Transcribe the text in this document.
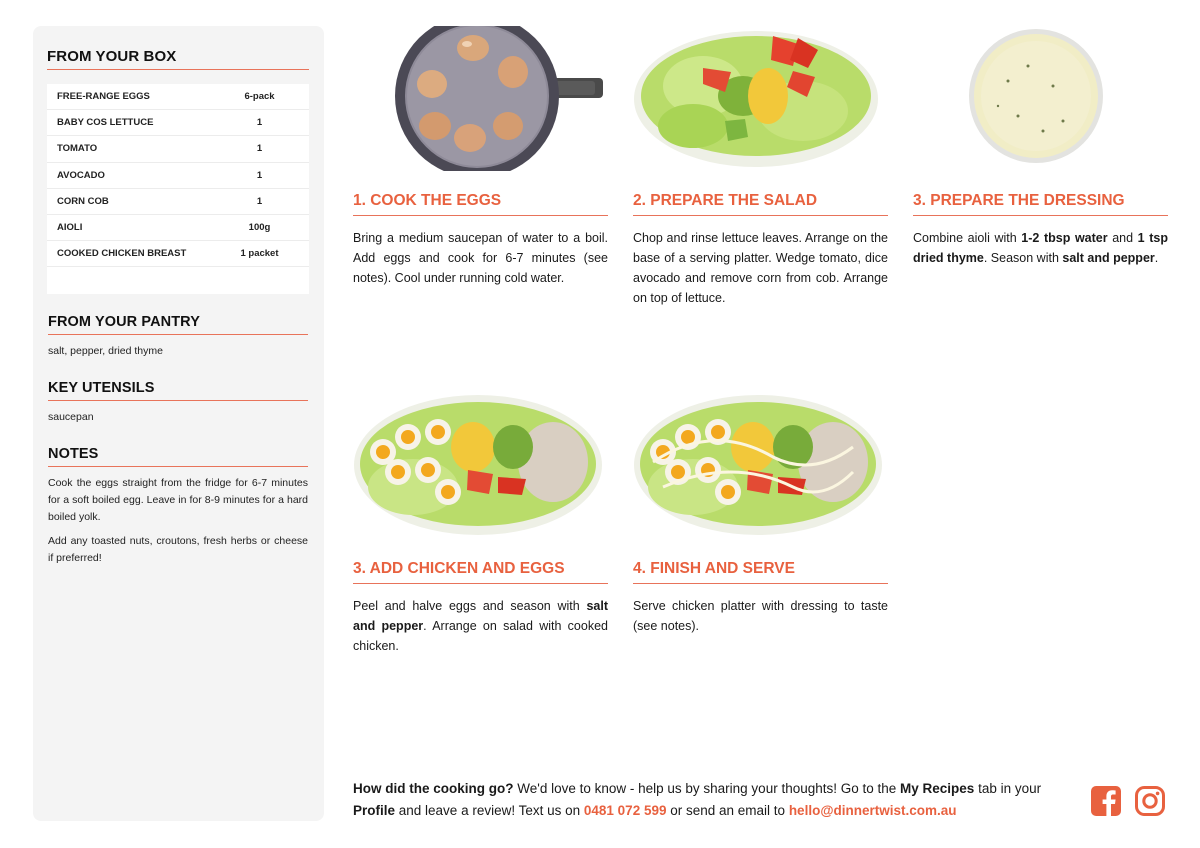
FROM YOUR BOX
FREE-RANGE EGGS	6-pack
BABY COS LETTUCE	1
TOMATO	1
AVOCADO	1
CORN COB	1
AIOLI	100g
COOKED CHICKEN BREAST	1 packet
FROM YOUR PANTRY

salt, pepper, dried thyme

KEY UTENSILS

saucepan

NOTES

Cook the eggs straight from the fridge for 6-7 minutes for a soft boiled egg. Leave in for 8-9 minutes for a hard boiled yolk.

Add any toasted nuts, croutons, fresh herbs or cheese if preferred!

1. COOK THE EGGS
Bring a medium saucepan of water to a boil. Add eggs and cook for 6-7 minutes (see notes). Cool under running cold water.
2. PREPARE THE SALAD
Chop and rinse lettuce leaves. Arrange on the base of a serving platter. Wedge tomato, dice avocado and remove corn from cob. Arrange on top of lettuce.
3. PREPARE THE DRESSING
Combine aioli with 1-2 tbsp water and 1 tsp dried thyme. Season with salt and pepper.
3. ADD CHICKEN AND EGGS
Peel and halve eggs and season with salt and pepper. Arrange on salad with cooked chicken.
4. FINISH AND SERVE
Serve chicken platter with dressing to taste (see notes).
How did the cooking go? We'd love to know - help us by sharing your thoughts! Go to the My Recipes tab in your Profile and leave a review! Text us on 0481 072 599 or send an email to hello@dinnertwist.com.au
